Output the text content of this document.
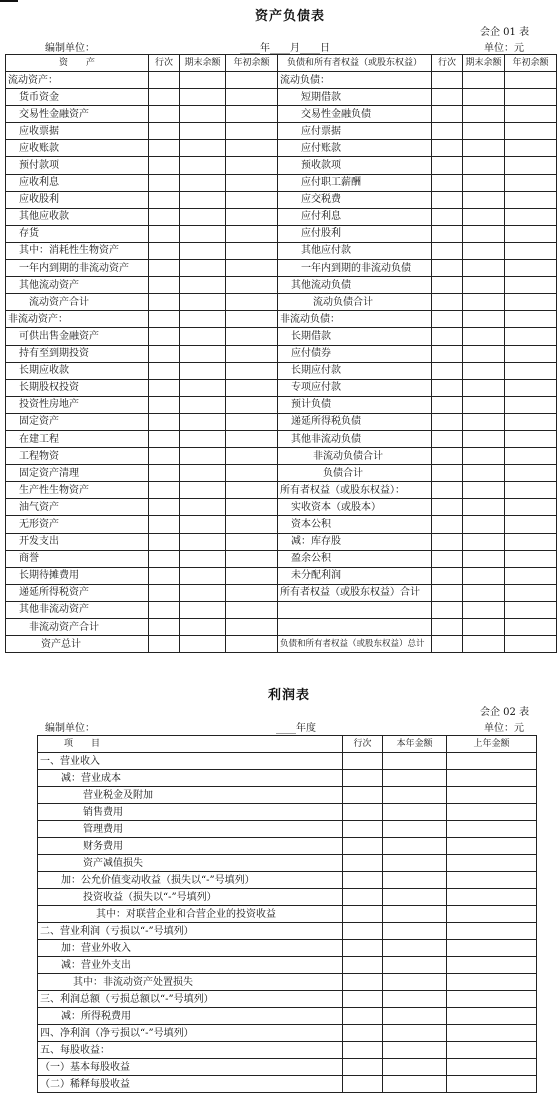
资产负债表
会企 01 表
编制单位：	____年____月____日	单位：元
资　　产	行次	期末余额	年初余额	负债和所有者权益（或股东权益）	行次	期末余额	年初余额
流动资产：				流动负债：			
货币资金				短期借款			
交易性金融资产				交易性金融负债			
应收票据				应付票据			
应收账款				应付账款			
预付款项				预收款项			
应收利息				应付职工薪酬			
应收股利				应交税费			
其他应收款				应付利息			
存货				应付股利			
其中：消耗性生物资产				其他应付款			
一年内到期的非流动资产				一年内到期的非流动负债			
其他流动资产				其他流动负债			
流动资产合计				流动负债合计			
非流动资产：				非流动负债：			
可供出售金融资产				长期借款			
持有至到期投资				应付债券			
长期应收款				长期应付款			
长期股权投资				专项应付款			
投资性房地产				预计负债			
固定资产				递延所得税负债			
在建工程				其他非流动负债			
工程物资				非流动负债合计			
固定资产清理				负债合计			
生产性生物资产				所有者权益（或股东权益）：			
油气资产				实收资本（或股本）			
无形资产				资本公积			
开发支出				减：库存股			
商誉				盈余公积			
长期待摊费用				未分配利润			
递延所得税资产				所有者权益（或股东权益）合计			
其他非流动资产							
非流动资产合计							
资产总计				负债和所有者权益（或股东权益）总计			
利润表
会企 02 表
编制单位：	____年度	单位：元
项　　目	行次	本年金额	上年金额
一、营业收入			
减：营业成本			
营业税金及附加			
销售费用			
管理费用			
财务费用			
资产减值损失			
加：公允价值变动收益（损失以“-”号填列）			
投资收益（损失以“-”号填列）			
其中：对联营企业和合营企业的投资收益			
二、营业利润（亏损以“-”号填列）			
加：营业外收入			
减：营业外支出			
其中：非流动资产处置损失			
三、利润总额（亏损总额以“-”号填列）			
减：所得税费用			
四、净利润（净亏损以“-”号填列）			
五、每股收益：			
（一）基本每股收益			
（二）稀释每股收益			
